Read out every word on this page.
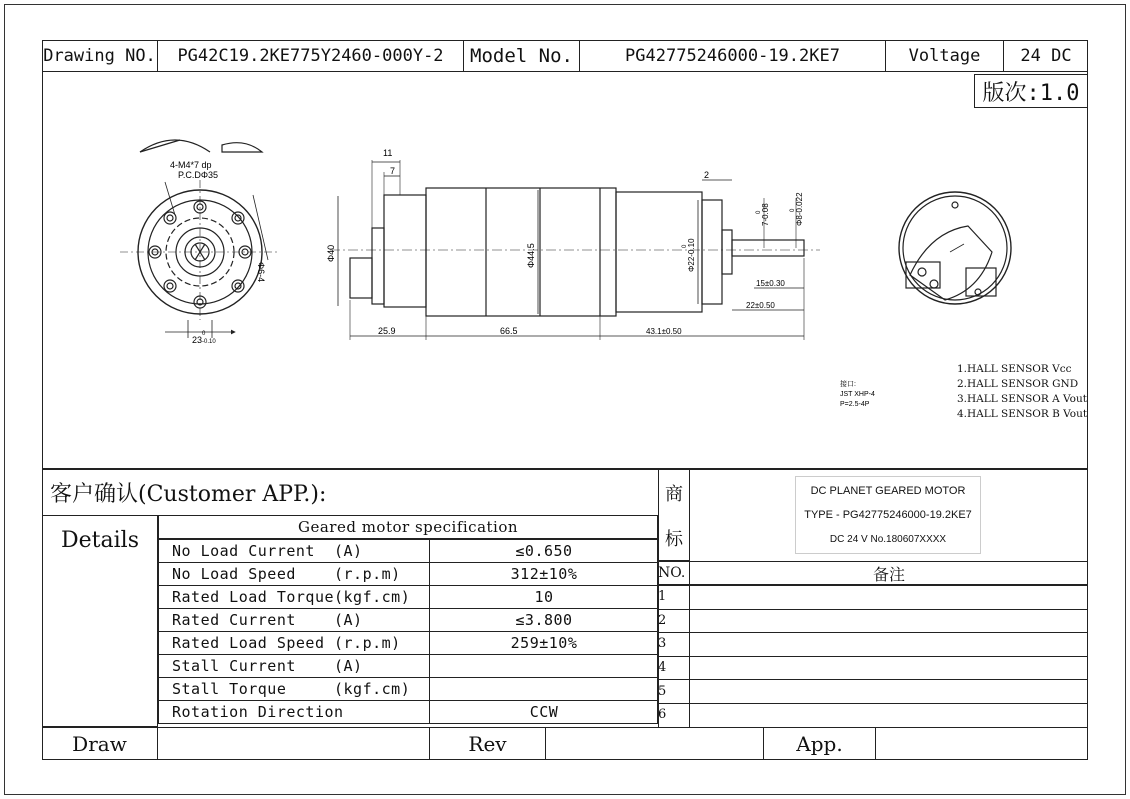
Drawing NO.	PG42C19.2KE775Y2460-000Y-2	Model No.	PG42775246000-19.2KE7	Voltage	24 DC
版次:1.0
4-M4*7 dp
P.C.DΦ35
Φ6-4
23
0
-0.10
11
7
Φ40	Φ44.5
25.9	66.5	43.1±0.50
2
Φ22-0.10
0
7-0.08
0	Φ8-0.022
0
15±0.30
22±0.50
接口:
JST XHP-4
P=2.5-4P
1.HALL SENSOR Vcc
2.HALL SENSOR GND
3.HALL SENSOR A Vout
4.HALL SENSOR B Vout
客户确认(Customer APP.):	商
标
DC PLANET GEARED MOTOR
TYPE - PG42775246000-19.2KE7
DC 24 V No.180607XXXX
Details
Geared motor specification
No Load Current	(A)	≤0.650
No Load Speed	(r.p.m)	312±10%
Rated Load Torque (kgf.cm)	10
Rated Current	(A)	≤3.800
Rated Load Speed (r.p.m)	259±10%
Stall Current	(A)
Stall Torque	(kgf.cm)
Rotation Direction	CCW
NO.	备注
1
2
3
4
5
6
Draw	Rev	App.
